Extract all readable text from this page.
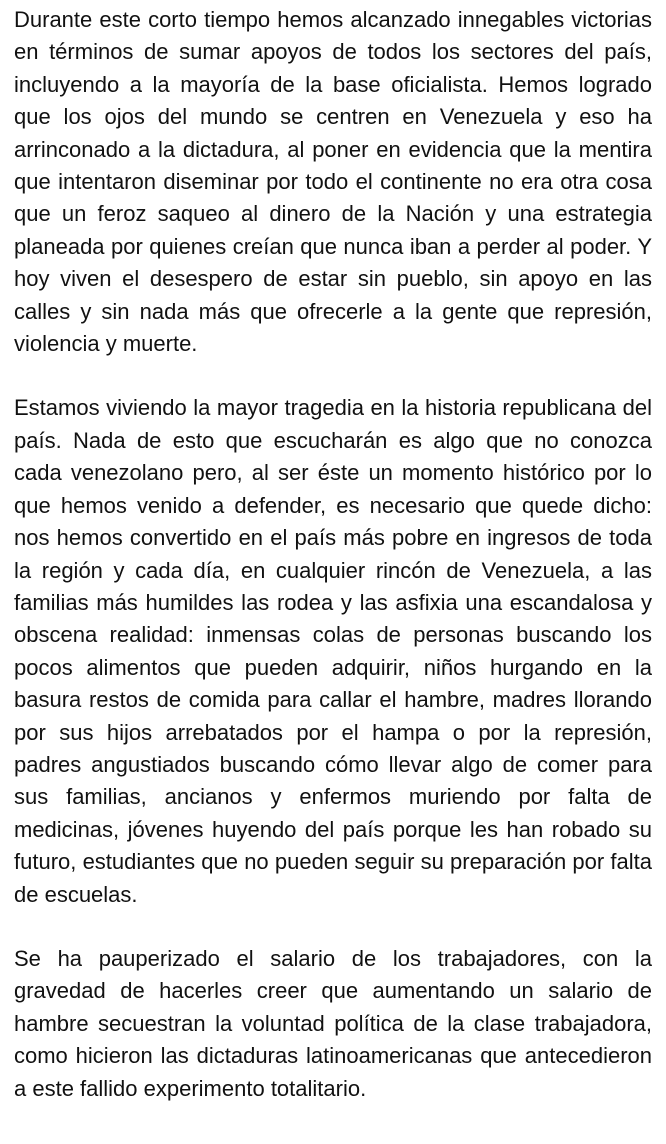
Durante este corto tiempo hemos alcanzado innegables victorias en términos de sumar apoyos de todos los sectores del país, incluyendo a la mayoría de la base oficialista. Hemos logrado que los ojos del mundo se centren en Venezuela y eso ha arrinconado a la dictadura, al poner en evidencia que la mentira que intentaron diseminar por todo el continente no era otra cosa que un feroz saqueo al dinero de la Nación y una estrategia planeada por quienes creían que nunca iban a perder al poder. Y hoy viven el desespero de estar sin pueblo, sin apoyo en las calles y sin nada más que ofrecerle a la gente que represión, violencia y muerte.

Estamos viviendo la mayor tragedia en la historia republicana del país. Nada de esto que escucharán es algo que no conozca cada venezolano pero, al ser éste un momento histórico por lo que hemos venido a defender, es necesario que quede dicho: nos hemos convertido en el país más pobre en ingresos de toda la región y cada día, en cualquier rincón de Venezuela, a las familias más humildes las rodea y las asfixia una escandalosa y obscena realidad: inmensas colas de personas buscando los pocos alimentos que pueden adquirir, niños hurgando en la basura restos de comida para callar el hambre, madres llorando por sus hijos arrebatados por el hampa o por la represión, padres angustiados buscando cómo llevar algo de comer para sus familias, ancianos y enfermos muriendo por falta de medicinas, jóvenes huyendo del país porque les han robado su futuro, estudiantes que no pueden seguir su preparación por falta de escuelas.

Se ha pauperizado el salario de los trabajadores, con la gravedad de hacerles creer que aumentando un salario de hambre secuestran la voluntad política de la clase trabajadora, como hicieron las dictaduras latinoamericanas que antecedieron a este fallido experimento totalitario.
